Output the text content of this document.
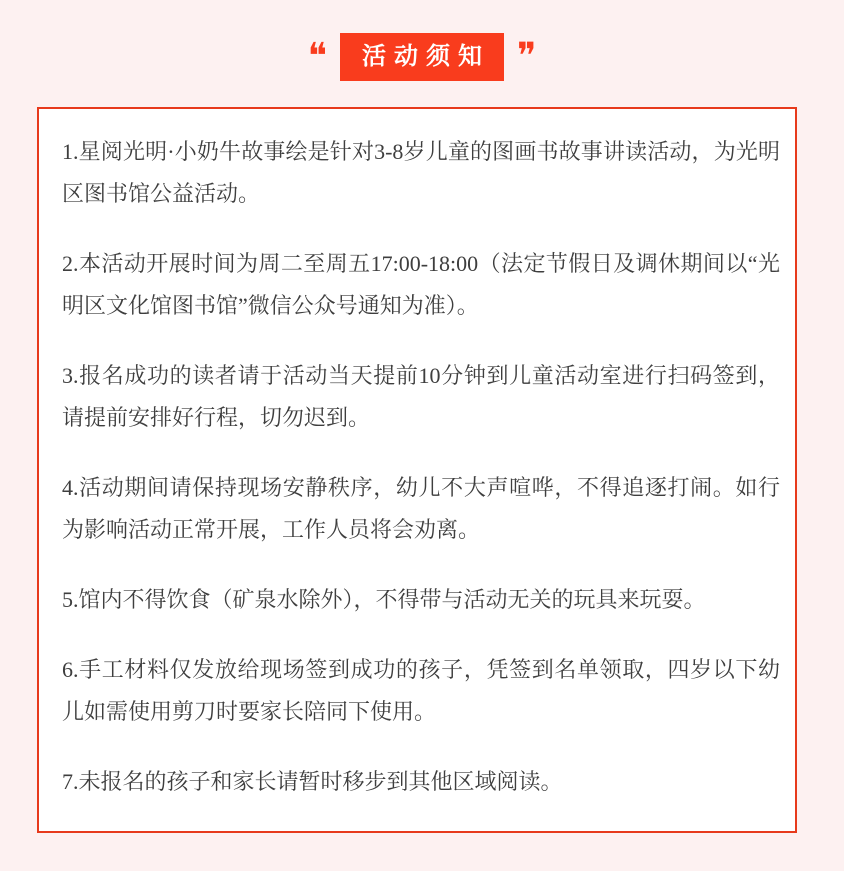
❝	活动须知 ❞

1.星阅光明·小奶牛故事绘是针对3-8岁儿童的图画书故事讲读活动，为光明区图书馆公益活动。

2.本活动开展时间为周二至周五17:00-18:00（法定节假日及调休期间以“光明区文化馆图书馆”微信公众号通知为准）。

3.报名成功的读者请于活动当天提前10分钟到儿童活动室进行扫码签到，请提前安排好行程，切勿迟到。

4.活动期间请保持现场安静秩序，幼儿不大声喧哗，不得追逐打闹。如行为影响活动正常开展，工作人员将会劝离。

5.馆内不得饮食（矿泉水除外），不得带与活动无关的玩具来玩耍。

6.手工材料仅发放给现场签到成功的孩子，凭签到名单领取，四岁以下幼儿如需使用剪刀时要家长陪同下使用。

7.未报名的孩子和家长请暂时移步到其他区域阅读。
